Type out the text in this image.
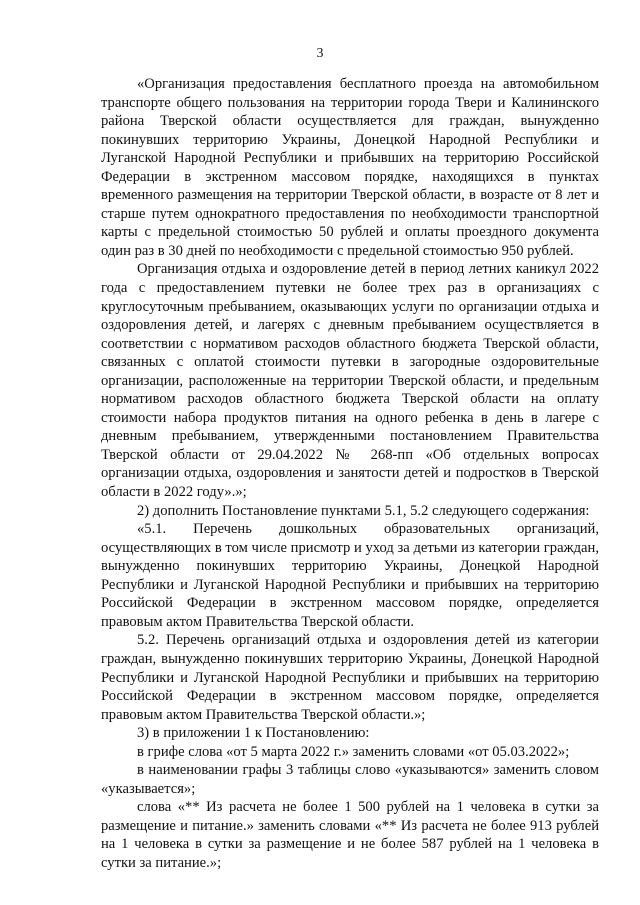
3

«Организация предоставления бесплатного проезда на автомобильном транспорте общего пользования на территории города Твери и Калининского района Тверской области осуществляется для граждан, вынужденно покинувших территорию Украины, Донецкой Народной Республики и Луганской Народной Республики и прибывших на территорию Российской Федерации в экстренном массовом порядке, находящихся в пунктах временного размещения на территории Тверской области, в возрасте от 8 лет и старше путем однократного предоставления по необходимости транспортной карты с предельной стоимостью 50 рублей и оплаты проездного документа один раз в 30 дней по необходимости с предельной стоимостью 950 рублей.

Организация отдыха и оздоровление детей в период летних каникул 2022 года с предоставлением путевки не более трех раз в организациях с круглосуточным пребыванием, оказывающих услуги по организации отдыха и оздоровления детей, и лагерях с дневным пребыванием осуществляется в соответствии с нормативом расходов областного бюджета Тверской области, связанных с оплатой стоимости путевки в загородные оздоровительные организации, расположенные на территории Тверской области, и предельным нормативом расходов областного бюджета Тверской области на оплату стоимости набора продуктов питания на одного ребенка в день в лагере с дневным пребыванием, утвержденными постановлением Правительства Тверской области от 29.04.2022 № 268-пп «Об отдельных вопросах организации отдыха, оздоровления и занятости детей и подростков в Тверской области в 2022 году».»;

2) дополнить Постановление пунктами 5.1, 5.2 следующего содержания:

«5.1. Перечень дошкольных образовательных организаций, осуществляющих в том числе присмотр и уход за детьми из категории граждан, вынужденно покинувших территорию Украины, Донецкой Народной Республики и Луганской Народной Республики и прибывших на территорию Российской Федерации в экстренном массовом порядке, определяется правовым актом Правительства Тверской области.

5.2. Перечень организаций отдыха и оздоровления детей из категории граждан, вынужденно покинувших территорию Украины, Донецкой Народной Республики и Луганской Народной Республики и прибывших на территорию Российской Федерации в экстренном массовом порядке, определяется правовым актом Правительства Тверской области.»;

3) в приложении 1 к Постановлению:

в грифе слова «от 5 марта 2022 г.» заменить словами «от 05.03.2022»;

в наименовании графы 3 таблицы слово «указываются» заменить словом «указывается»;

слова «** Из расчета не более 1 500 рублей на 1 человека в сутки за размещение и питание.» заменить словами «** Из расчета не более 913 рублей на 1 человека в сутки за размещение и не более 587 рублей на 1 человека в сутки за питание.»;
